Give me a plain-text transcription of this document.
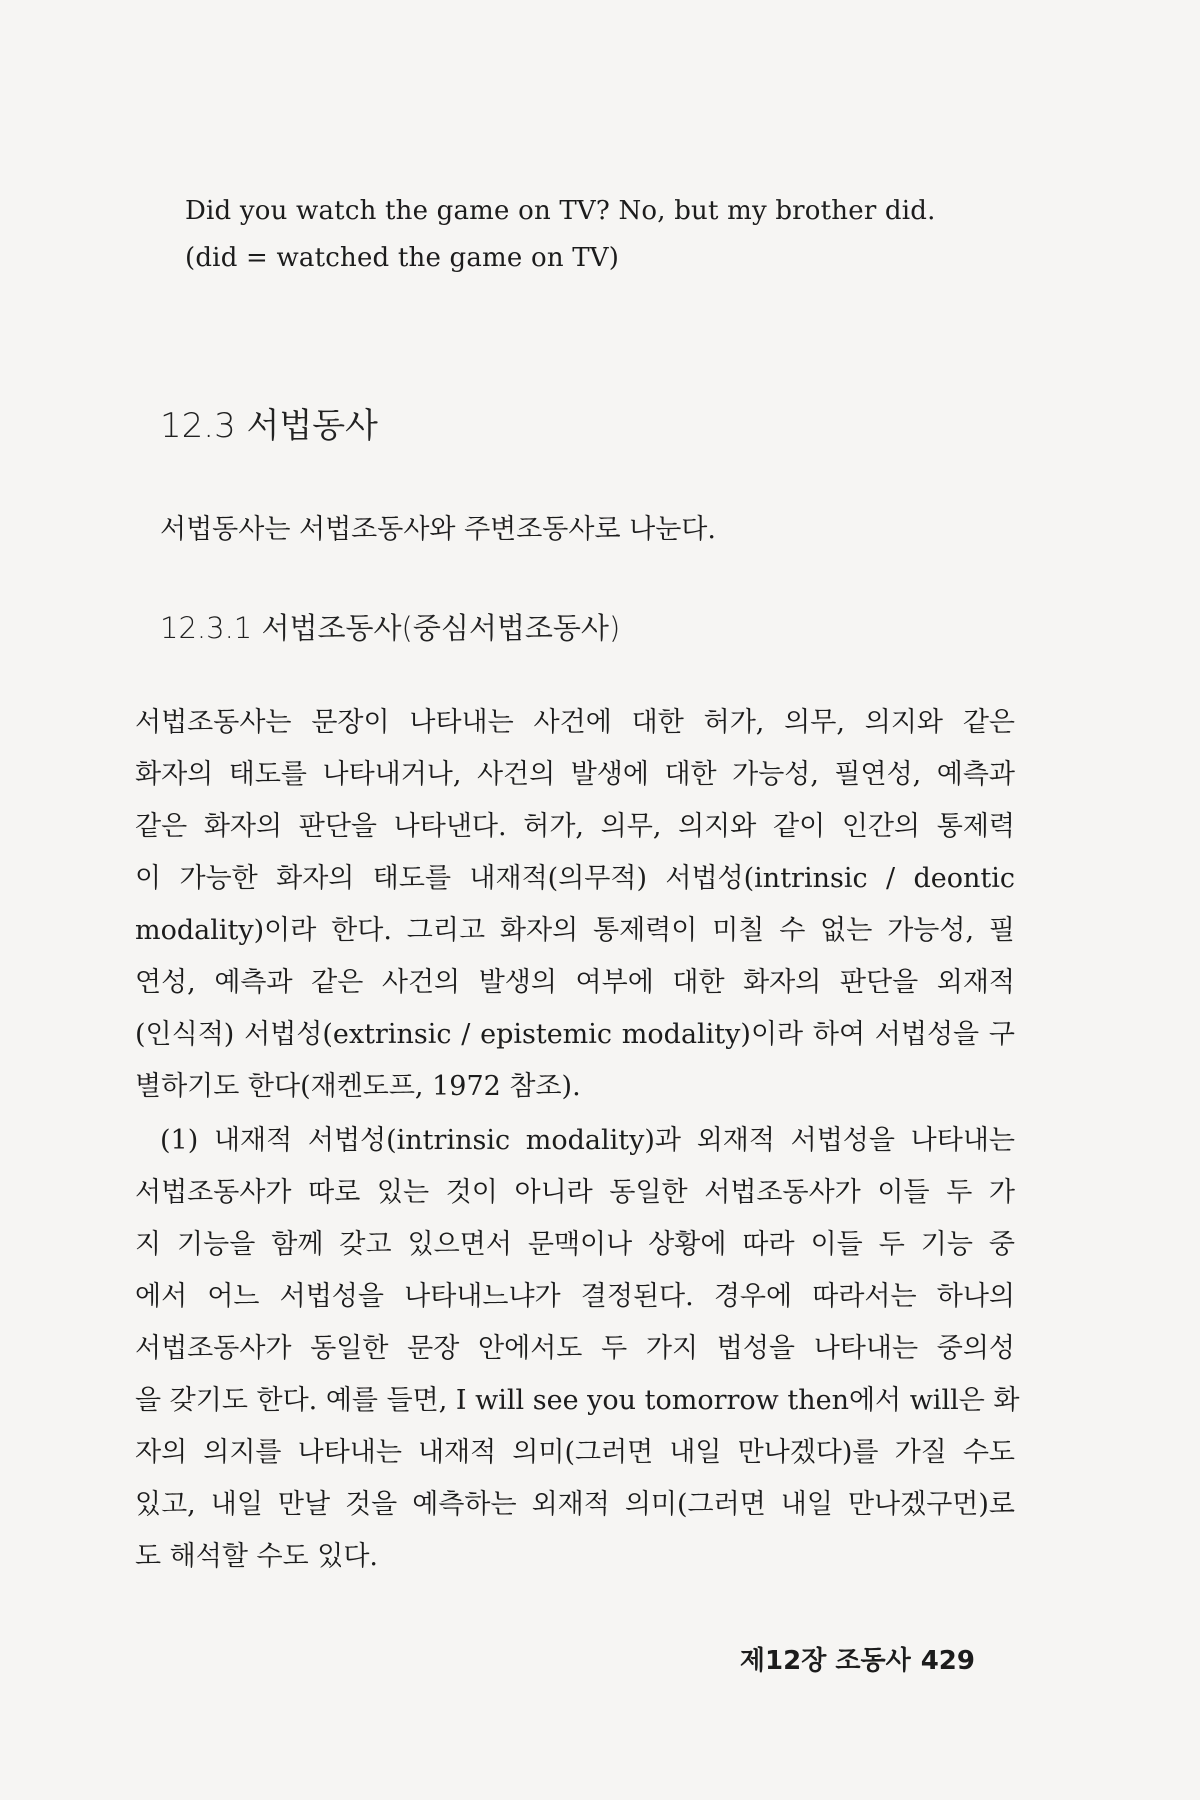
Did you watch the game on TV? No, but my brother did.
(did = watched the game on TV)
12.3 서법동사
서법동사는 서법조동사와 주변조동사로 나눈다.
12.3.1 서법조동사(중심서법조동사)
서법조동사는 문장이 나타내는 사건에 대한 허가, 의무, 의지와 같은
화자의 태도를 나타내거나, 사건의 발생에 대한 가능성, 필연성, 예측과
같은 화자의 판단을 나타낸다. 허가, 의무, 의지와 같이 인간의 통제력
이 가능한 화자의 태도를 내재적(의무적) 서법성(intrinsic / deontic
modality)이라 한다. 그리고 화자의 통제력이 미칠 수 없는 가능성, 필
연성, 예측과 같은 사건의 발생의 여부에 대한 화자의 판단을 외재적
(인식적) 서법성(extrinsic / epistemic modality)이라 하여 서법성을 구
별하기도 한다(재켄도프, 1972 참조).
(1) 내재적 서법성(intrinsic modality)과 외재적 서법성을 나타내는
서법조동사가 따로 있는 것이 아니라 동일한 서법조동사가 이들 두 가
지 기능을 함께 갖고 있으면서 문맥이나 상황에 따라 이들 두 기능 중
에서 어느 서법성을 나타내느냐가 결정된다. 경우에 따라서는 하나의
서법조동사가 동일한 문장 안에서도 두 가지 법성을 나타내는 중의성
을 갖기도 한다. 예를 들면, I will see you tomorrow then에서 will은 화
자의 의지를 나타내는 내재적 의미(그러면 내일 만나겠다)를 가질 수도
있고, 내일 만날 것을 예측하는 외재적 의미(그러면 내일 만나겠구먼)로
도 해석할 수도 있다.
제12장 조동사 429
